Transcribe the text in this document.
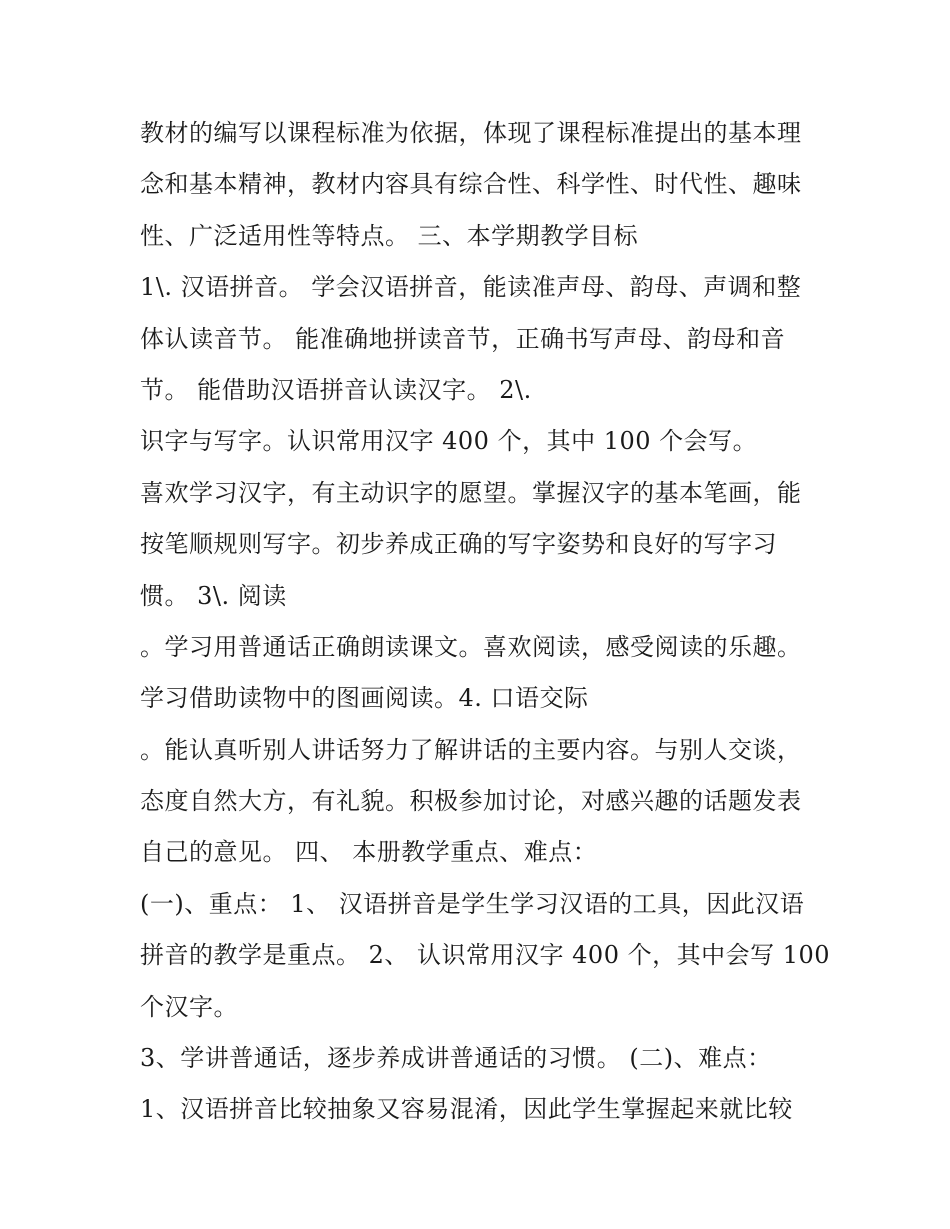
教材的编写以课程标准为依据，体现了课程标准提出的基本理
念和基本精神，教材内容具有综合性、科学性、时代性、趣味
性、广泛适用性等特点。 三、本学期教学目标
1\. 汉语拼音。 学会汉语拼音，能读准声母、韵母、声调和整
体认读音节。 能准确地拼读音节，正确书写声母、韵母和音
节。 能借助汉语拼音认读汉字。 2\.
识字与写字。认识常用汉字 400 个，其中 100 个会写。
喜欢学习汉字，有主动识字的愿望。掌握汉字的基本笔画，能
按笔顺规则写字。初步养成正确的写字姿势和良好的写字习
惯。 3\. 阅读
。学习用普通话正确朗读课文。喜欢阅读，感受阅读的乐趣。
学习借助读物中的图画阅读。4. 口语交际
。能认真听别人讲话努力了解讲话的主要内容。与别人交谈，
态度自然大方，有礼貌。积极参加讨论，对感兴趣的话题发表
自己的意见。 四、 本册教学重点、难点：
(一)、重点： 1、 汉语拼音是学生学习汉语的工具，因此汉语
拼音的教学是重点。 2、 认识常用汉字 400 个，其中会写 100
个汉字。
3、学讲普通话，逐步养成讲普通话的习惯。 (二)、难点：
1、汉语拼音比较抽象又容易混淆，因此学生掌握起来就比较
